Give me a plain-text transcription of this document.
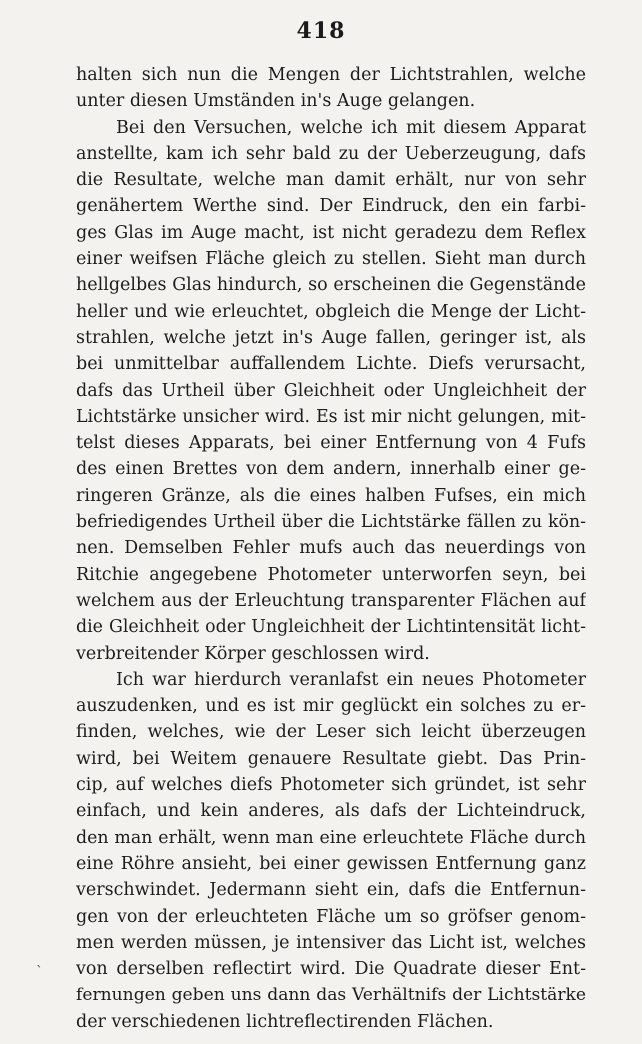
418
halten sich nun die Mengen der Lichtstrahlen, welche
unter diesen Umständen in's Auge gelangen.
Bei den Versuchen, welche ich mit diesem Apparat
anstellte, kam ich sehr bald zu der Ueberzeugung, dafs
die Resultate, welche man damit erhält, nur von sehr
genähertem Werthe sind. Der Eindruck, den ein farbi-
ges Glas im Auge macht, ist nicht geradezu dem Reflex
einer weifsen Fläche gleich zu stellen. Sieht man durch
hellgelbes Glas hindurch, so erscheinen die Gegenstände
heller und wie erleuchtet, obgleich die Menge der Licht-
strahlen, welche jetzt in's Auge fallen, geringer ist, als
bei unmittelbar auffallendem Lichte. Diefs verursacht,
dafs das Urtheil über Gleichheit oder Ungleichheit der
Lichtstärke unsicher wird. Es ist mir nicht gelungen, mit-
telst dieses Apparats, bei einer Entfernung von 4 Fufs
des einen Brettes von dem andern, innerhalb einer ge-
ringeren Gränze, als die eines halben Fufses, ein mich
befriedigendes Urtheil über die Lichtstärke fällen zu kön-
nen. Demselben Fehler mufs auch das neuerdings von
Ritchie angegebene Photometer unterworfen seyn, bei
welchem aus der Erleuchtung transparenter Flächen auf
die Gleichheit oder Ungleichheit der Lichtintensität licht-
verbreitender Körper geschlossen wird.
Ich war hierdurch veranlafst ein neues Photometer
auszudenken, und es ist mir geglückt ein solches zu er-
finden, welches, wie der Leser sich leicht überzeugen
wird, bei Weitem genauere Resultate giebt. Das Prin-
cip, auf welches diefs Photometer sich gründet, ist sehr
einfach, und kein anderes, als dafs der Lichteindruck,
den man erhält, wenn man eine erleuchtete Fläche durch
eine Röhre ansieht, bei einer gewissen Entfernung ganz
verschwindet. Jedermann sieht ein, dafs die Entfernun-
gen von der erleuchteten Fläche um so gröfser genom-
men werden müssen, je intensiver das Licht ist, welches
von derselben reflectirt wird. Die Quadrate dieser Ent-
fernungen geben uns dann das Verhältnifs der Lichtstärke
der verschiedenen lichtreflectirenden Flächen.
`
